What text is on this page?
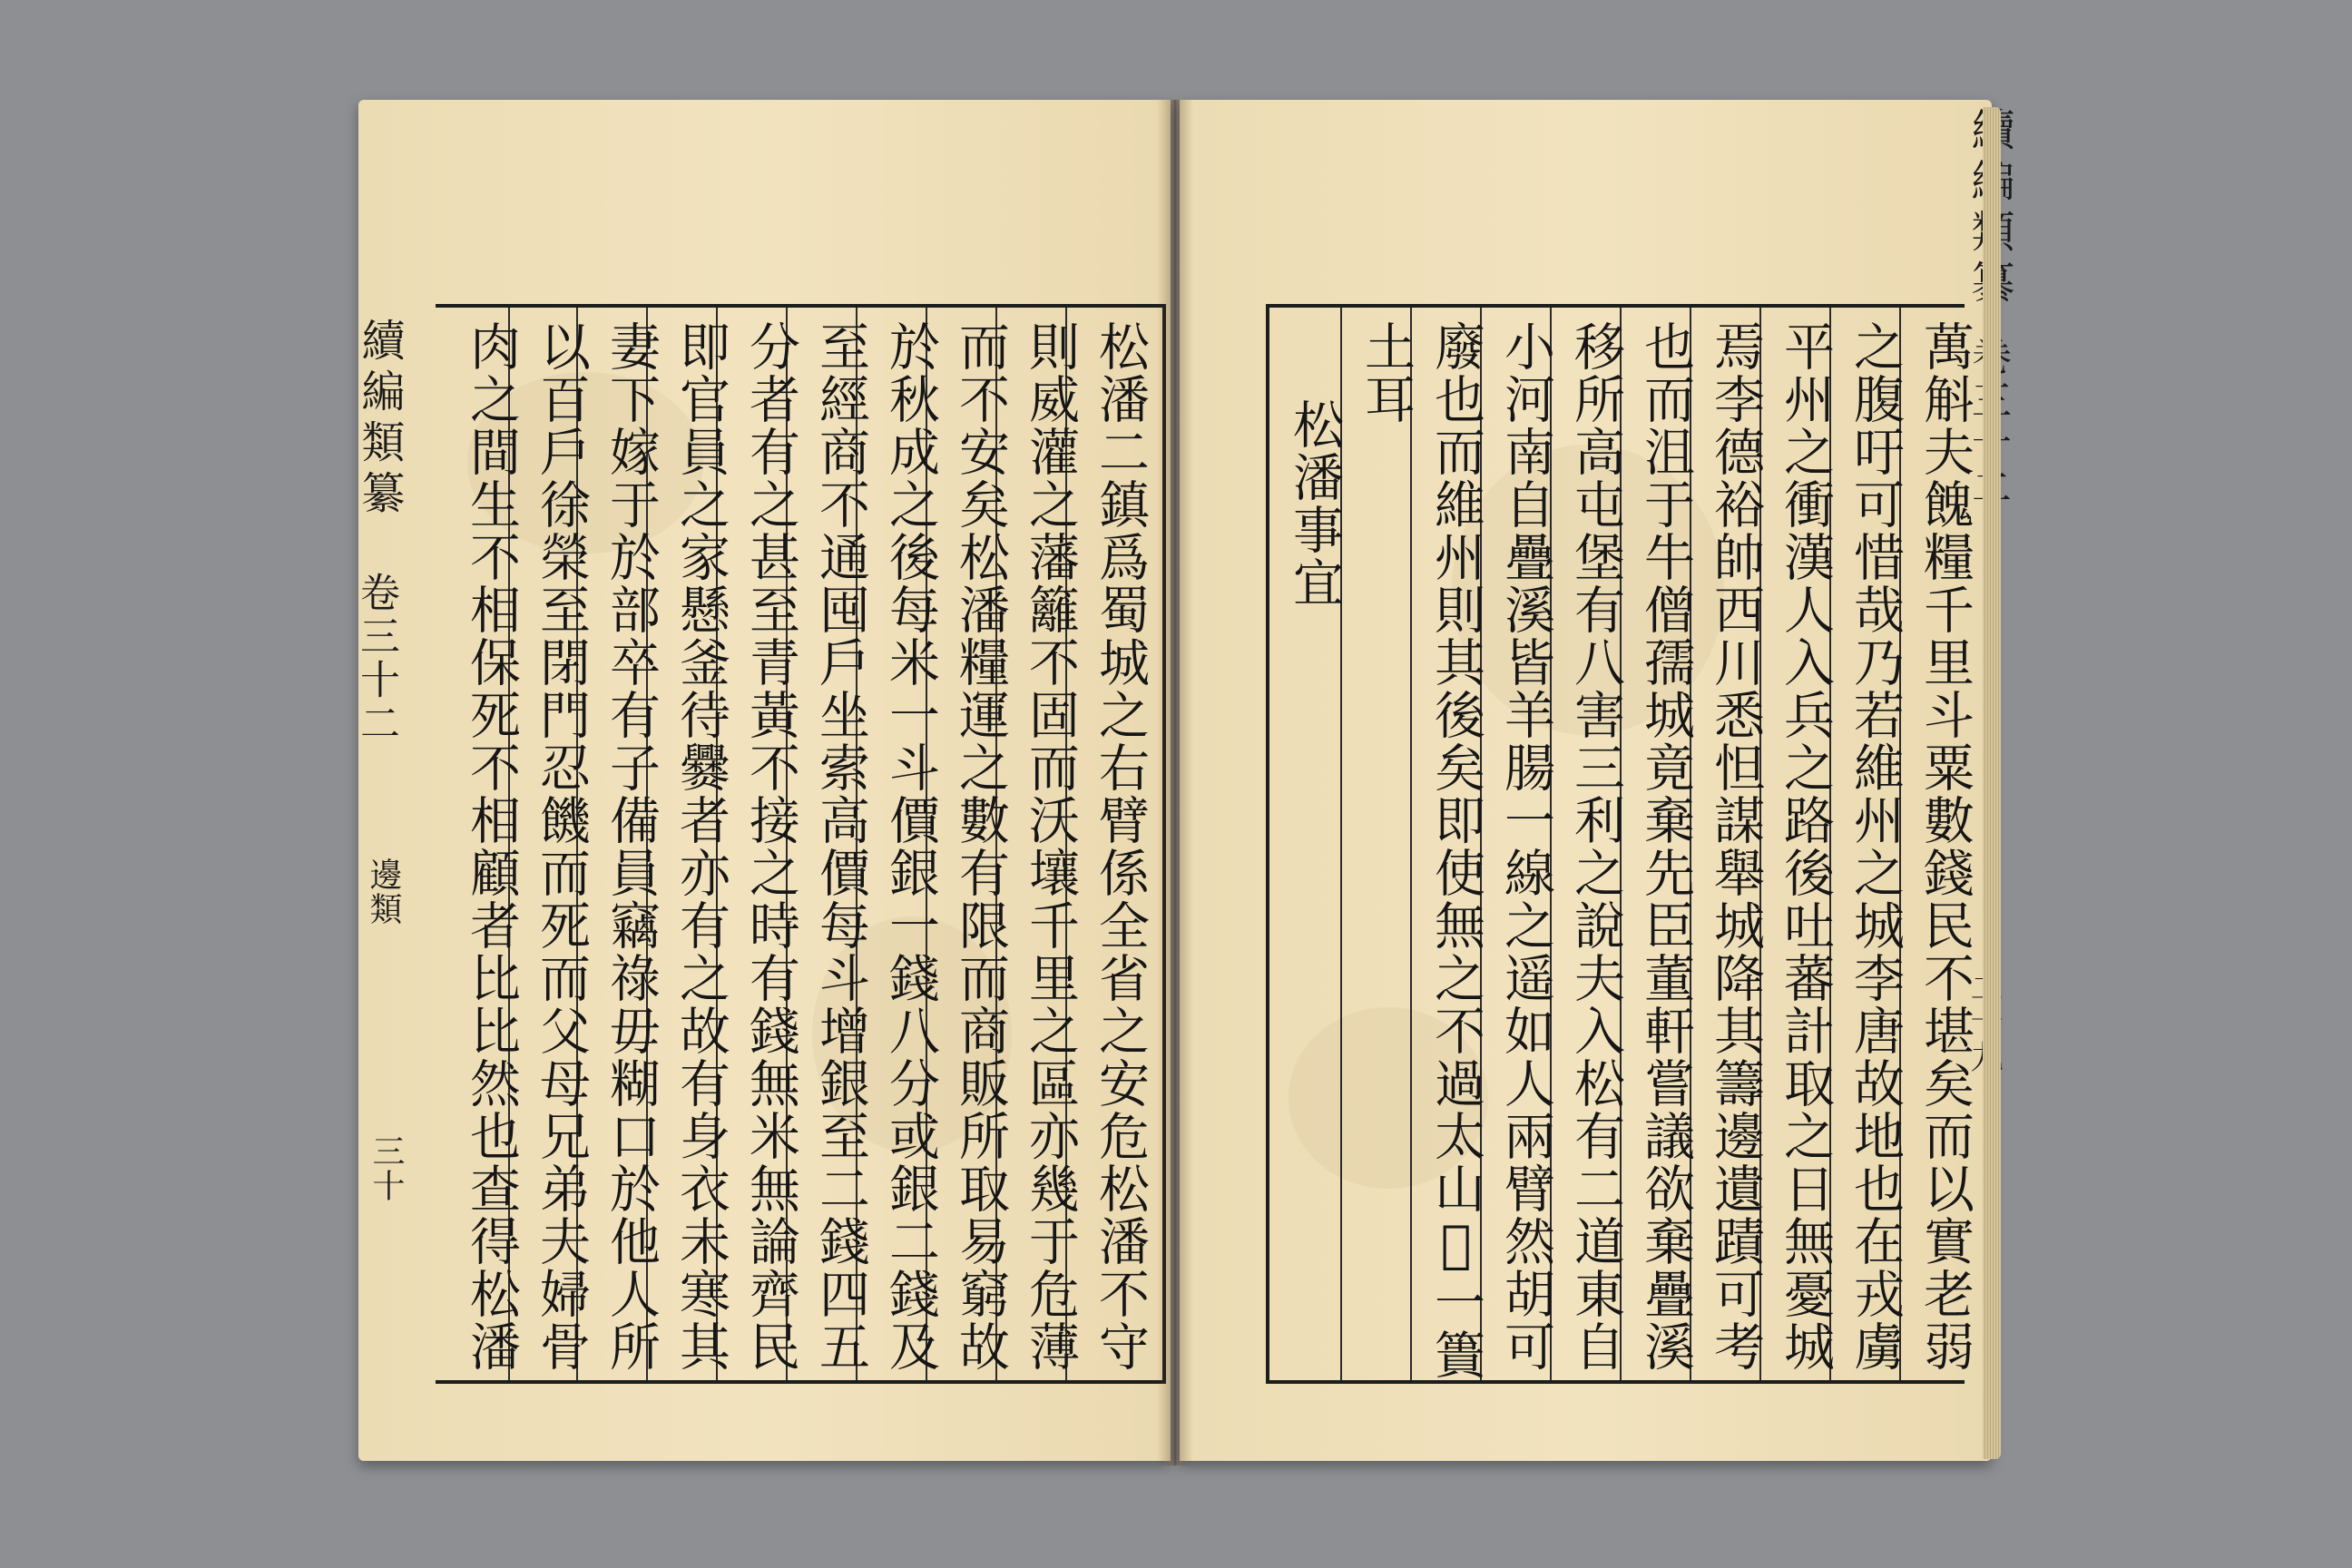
續編類纂
卷三十二
邊類
三十	松潘二鎮爲蜀城之右臂係全省之安危松潘不守
則威灌之藩籬不固而沃壤千里之區亦幾于危薄
而不安矣松潘糧運之數有限而商販所取易窮故
於秋成之後每米一斗價銀一錢八分或銀二錢及
至經商不通囤戶坐索高價每斗增銀至二錢四五
分者有之甚至青黃不接之時有錢無米無論齊民
即官員之家懸釜待爨者亦有之故有身衣未寒其
妻下嫁于於部卒有子備員竊祿毋糊口於他人所
以百戶徐榮至閉門忍饑而死而父母兄弟夫婦骨
肉之間生不相保死不相顧者比比然也查得松潘	萬斛夫餽糧千里斗粟數錢民不堪矣而以實老弱
之腹吁可惜哉乃若維州之城李唐故地也在戎虜
平州之衝漢人入兵之路後吐蕃計取之日無憂城
焉李德裕帥西川悉怛謀舉城降其籌邊遺蹟可考
也而沮于牛僧孺城竟棄先臣董軒嘗議欲棄疊溪
移所高屯堡有八害三利之說夫入松有二道東自
小河南自疊溪皆羊腸一線之遥如人兩臂然胡可
廢也而維州則其後矣即使無之不過太山𡵂一簣
土耳
松潘事宜
